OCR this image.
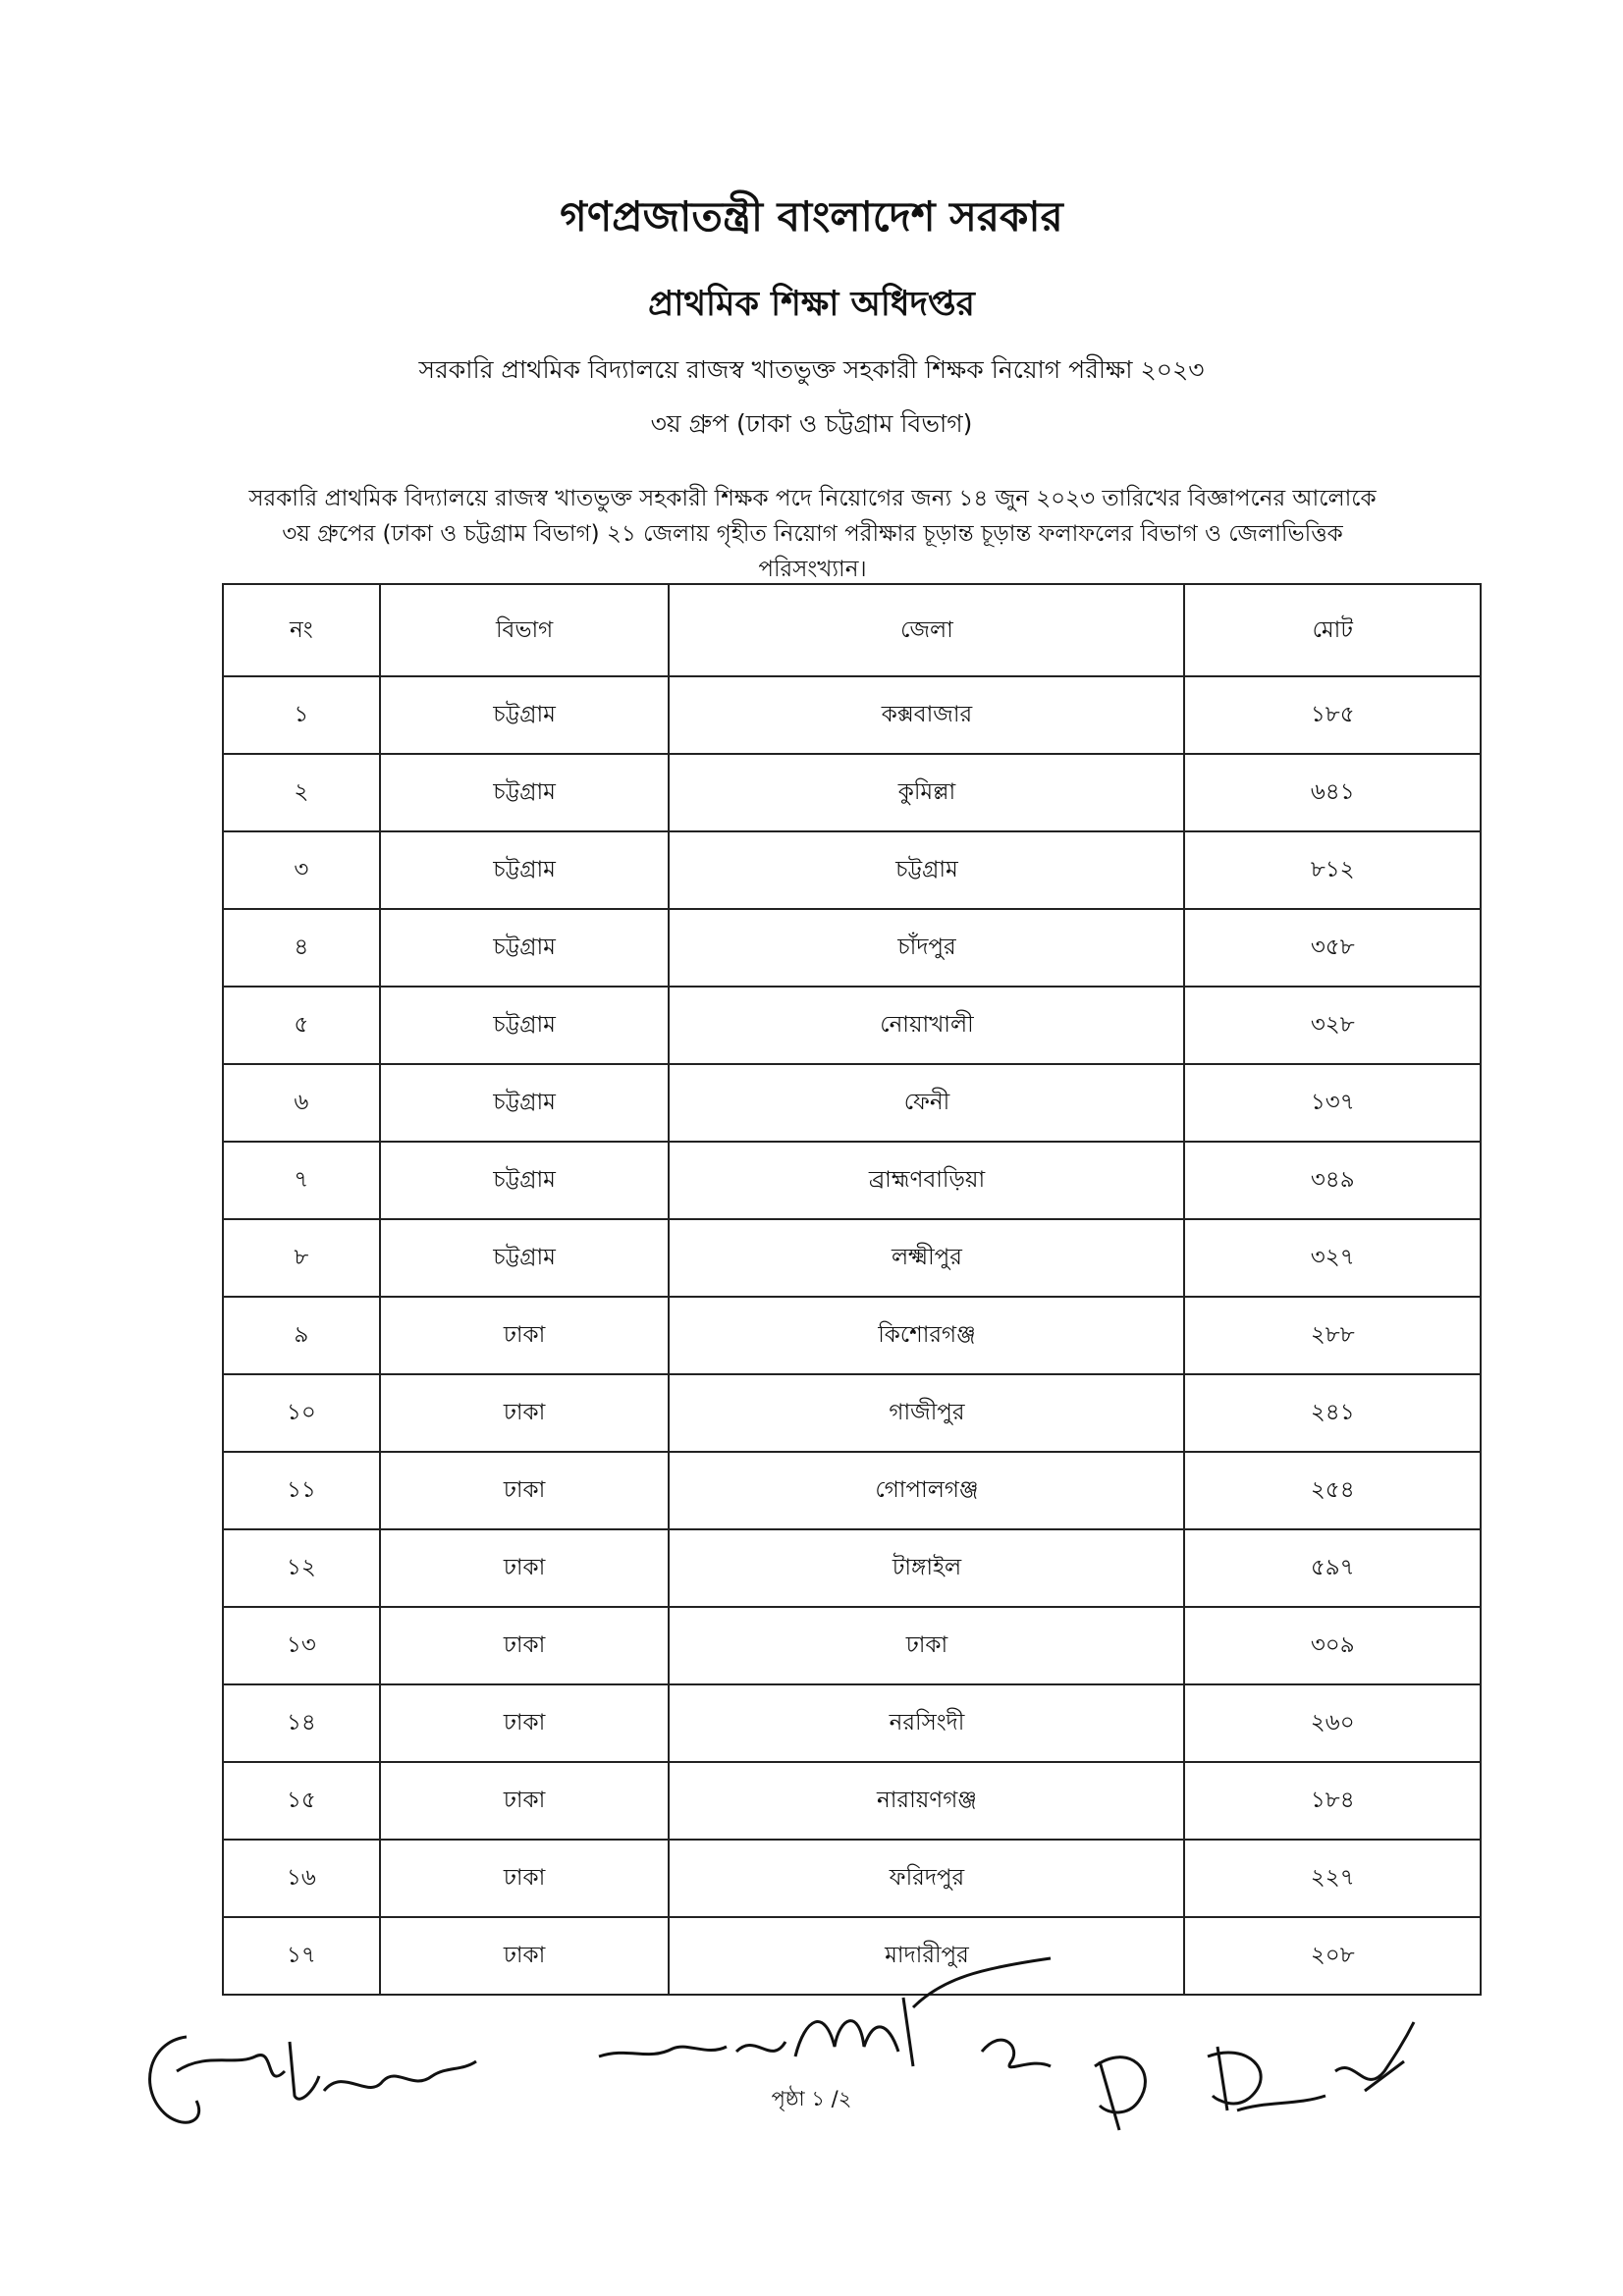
গণপ্রজাতন্ত্রী বাংলাদেশ সরকার
প্রাথমিক শিক্ষা অধিদপ্তর
সরকারি প্রাথমিক বিদ্যালয়ে রাজস্ব খাতভুক্ত সহকারী শিক্ষক নিয়োগ পরীক্ষা ২০২৩
৩য় গ্রুপ (ঢাকা ও চট্টগ্রাম বিভাগ)
সরকারি প্রাথমিক বিদ্যালয়ে রাজস্ব খাতভুক্ত সহকারী শিক্ষক পদে নিয়োগের জন্য ১৪ জুন ২০২৩ তারিখের বিজ্ঞাপনের আলোকে
৩য় গ্রুপের (ঢাকা ও চট্টগ্রাম বিভাগ) ২১ জেলায় গৃহীত নিয়োগ পরীক্ষার চূড়ান্ত চূড়ান্ত ফলাফলের বিভাগ ও জেলাভিত্তিক
পরিসংখ্যান।
নং	বিভাগ	জেলা	মোট
১	চট্টগ্রাম	কক্সবাজার	১৮৫
২	চট্টগ্রাম	কুমিল্লা	৬৪১
৩	চট্টগ্রাম	চট্টগ্রাম	৮১২
৪	চট্টগ্রাম	চাঁদপুর	৩৫৮
৫	চট্টগ্রাম	নোয়াখালী	৩২৮
৬	চট্টগ্রাম	ফেনী	১৩৭
৭	চট্টগ্রাম	ব্রাহ্মণবাড়িয়া	৩৪৯
৮	চট্টগ্রাম	লক্ষ্মীপুর	৩২৭
৯	ঢাকা	কিশোরগঞ্জ	২৮৮
১০	ঢাকা	গাজীপুর	২৪১
১১	ঢাকা	গোপালগঞ্জ	২৫৪
১২	ঢাকা	টাঙ্গাইল	৫৯৭
১৩	ঢাকা	ঢাকা	৩০৯
১৪	ঢাকা	নরসিংদী	২৬০
১৫	ঢাকা	নারায়ণগঞ্জ	১৮৪
১৬	ঢাকা	ফরিদপুর	২২৭
১৭	ঢাকা	মাদারীপুর	২০৮
পৃষ্ঠা ১ /২
